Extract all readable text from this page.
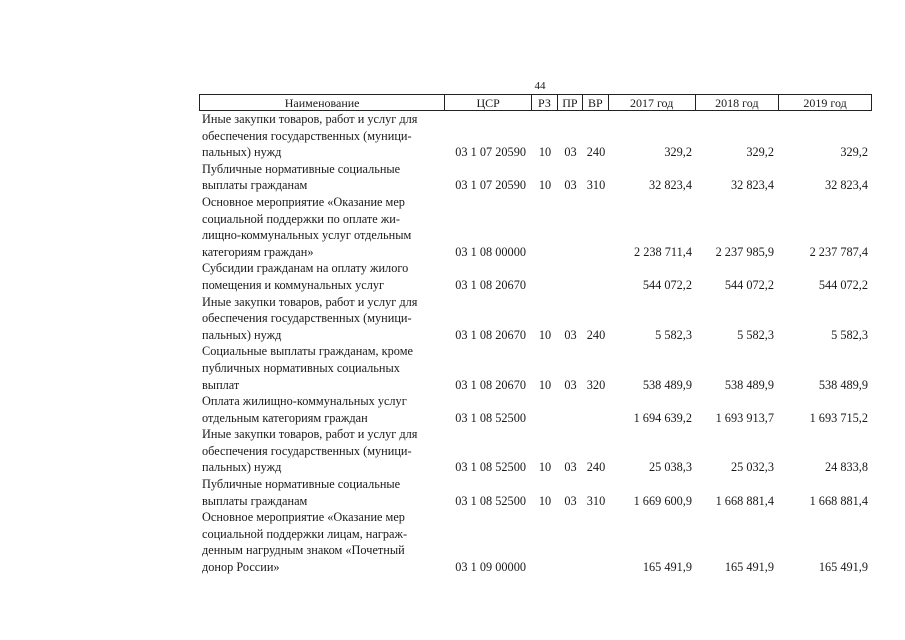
44
Наименование	ЦСР	РЗ ПР ВР	2017 год	2018 год	2019 год
Иные закупки товаров, работ и услуг для
обеспечения государственных (муници-
пальных) нужд	03 1 07 20590	10	03 240	329,2	329,2	329,2
Публичные нормативные социальные
выплаты гражданам	03 1 07 20590	10	03 310	32 823,4	32 823,4	32 823,4
Основное мероприятие «Оказание мер
социальной поддержки по оплате жи-
лищно-коммунальных услуг отдельным
категориям граждан»	03 1 08 00000	2 238 711,4	2 237 985,9	2 237 787,4
Субсидии гражданам на оплату жилого
помещения и коммунальных услуг	03 1 08 20670	544 072,2	544 072,2	544 072,2
Иные закупки товаров, работ и услуг для
обеспечения государственных (муници-
пальных) нужд	03 1 08 20670	10	03 240	5 582,3	5 582,3	5 582,3
Социальные выплаты гражданам, кроме
публичных нормативных социальных
выплат	03 1 08 20670	10	03 320	538 489,9	538 489,9	538 489,9
Оплата жилищно-коммунальных услуг
отдельным категориям граждан	03 1 08 52500	1 694 639,2	1 693 913,7	1 693 715,2
Иные закупки товаров, работ и услуг для
обеспечения государственных (муници-
пальных) нужд	03 1 08 52500	10	03 240	25 038,3	25 032,3	24 833,8
Публичные нормативные социальные
выплаты гражданам	03 1 08 52500	10	03 310	1 669 600,9	1 668 881,4	1 668 881,4
Основное мероприятие «Оказание мер
социальной поддержки лицам, награж-
денным нагрудным знаком «Почетный
донор России»	03 1 09 00000	165 491,9	165 491,9	165 491,9
